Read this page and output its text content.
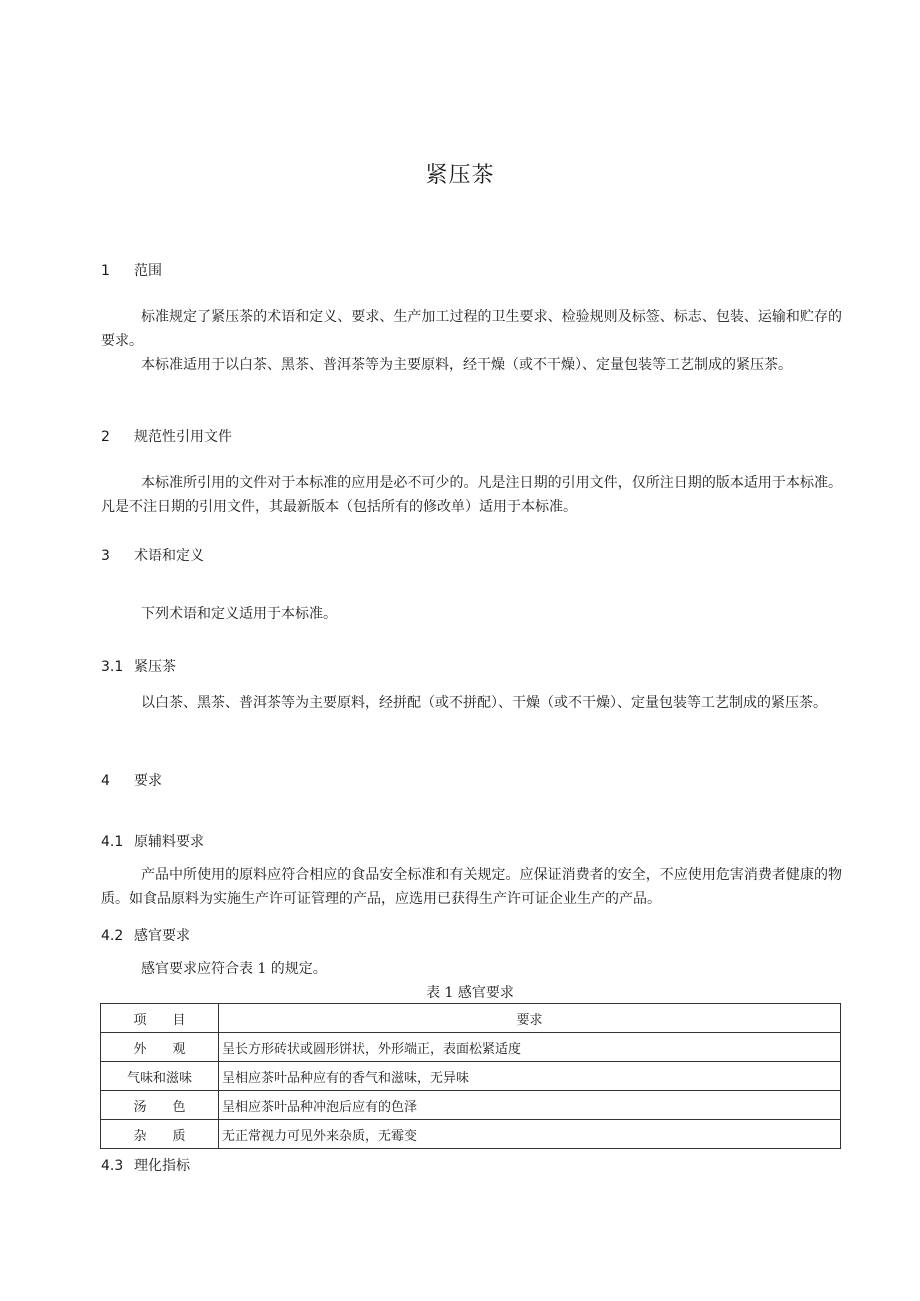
紧压茶
1 范围
标准规定了紧压茶的术语和定义、要求、生产加工过程的卫生要求、检验规则及标签、标志、包装、运输和贮存的要求。
本标准适用于以白茶、黑茶、普洱茶等为主要原料，经干燥（或不干燥）、定量包装等工艺制成的紧压茶。
2 规范性引用文件
本标准所引用的文件对于本标准的应用是必不可少的。凡是注日期的引用文件，仅所注日期的版本适用于本标准。凡是不注日期的引用文件，其最新版本（包括所有的修改单）适用于本标准。
3 术语和定义
下列术语和定义适用于本标准。
3.1 紧压茶
以白茶、黑茶、普洱茶等为主要原料，经拼配（或不拼配）、干燥（或不干燥）、定量包装等工艺制成的紧压茶。
4 要求
4.1 原辅料要求
产品中所使用的原料应符合相应的食品安全标准和有关规定。应保证消费者的安全，不应使用危害消费者健康的物质。如食品原料为实施生产许可证管理的产品，应选用已获得生产许可证企业生产的产品。
4.2 感官要求
感官要求应符合表 1 的规定。
表 1 感官要求
项　　目	要求
外　　观	呈长方形砖状或圆形饼状，外形端正，表面松紧适度
气味和滋味	呈相应茶叶品种应有的香气和滋味，无异味
汤　　色	呈相应茶叶品种冲泡后应有的色泽
杂　　质	无正常视力可见外来杂质，无霉变
4.3 理化指标
